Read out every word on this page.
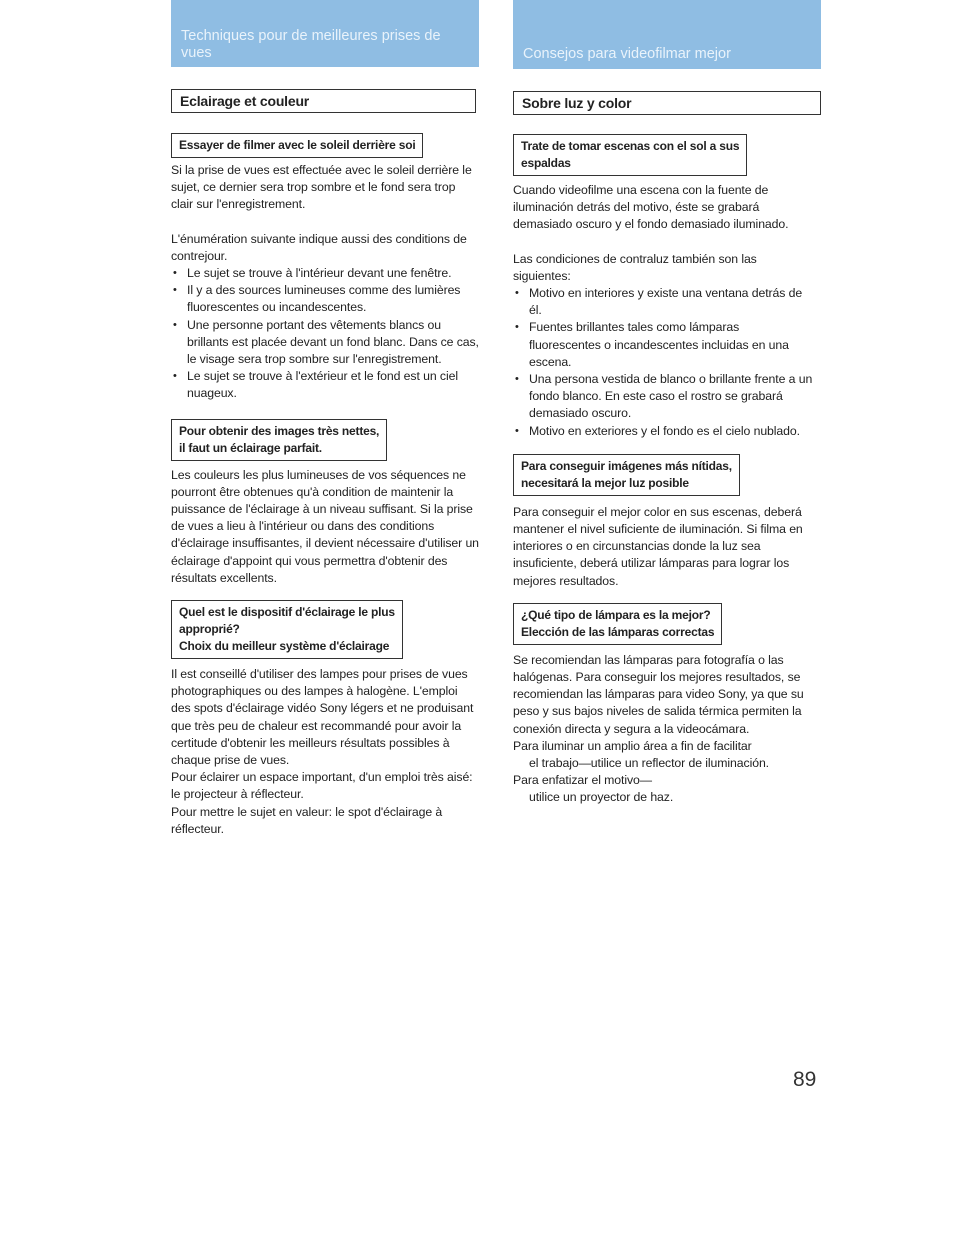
Techniques pour de meilleures prises de vues
Eclairage et couleur
Essayer de filmer avec le soleil derrière soi

Si la prise de vues est effectuée avec le soleil derrière le sujet, ce dernier sera trop sombre et le fond sera trop clair sur l'enregistrement.

L'énumération suivante indique aussi des conditions de contrejour.

• Le sujet se trouve à l'intérieur devant une fenêtre.
• Il y a des sources lumineuses comme des lumières fluorescentes ou incandescentes.
• Une personne portant des vêtements blancs ou brillants est placée devant un fond blanc. Dans ce cas, le visage sera trop sombre sur l'enregistrement.
• Le sujet se trouve à l'extérieur et le fond est un ciel nuageux.
Pour obtenir des images très nettes,
il faut un éclairage parfait.

Les couleurs les plus lumineuses de vos séquences ne pourront être obtenues qu'à condition de maintenir la puissance de l'éclairage à un niveau suffisant. Si la prise de vues a lieu à l'intérieur ou dans des conditions d'éclairage insuffisantes, il devient nécessaire d'utiliser un éclairage d'appoint qui vous permettra d'obtenir des résultats excellents.

Quel est le dispositif d'éclairage le plus
approprié?
Choix du meilleur système d'éclairage

Il est conseillé d'utiliser des lampes pour prises de vues photographiques ou des lampes à halogène. L'emploi des spots d'éclairage vidéo Sony légers et ne produisant que très peu de chaleur est recommandé pour avoir la certitude d'obtenir les meilleurs résultats possibles à chaque prise de vues.

Pour éclairer un espace important, d'un emploi très aisé: le projecteur à réflecteur.

Pour mettre le sujet en valeur: le spot d'éclairage à réflecteur.

Consejos para videofilmar mejor
Sobre luz y color
Trate de tomar escenas con el sol a sus
espaldas

Cuando videofilme una escena con la fuente de iluminación detrás del motivo, éste se grabará demasiado oscuro y el fondo demasiado iluminado.

Las condiciones de contraluz también son las siguientes:

• Motivo en interiores y existe una ventana detrás de él.
• Fuentes brillantes tales como lámparas fluorescentes o incandescentes incluidas en una escena.
• Una persona vestida de blanco o brillante frente a un fondo blanco. En este caso el rostro se grabará demasiado oscuro.
• Motivo en exteriores y el fondo es el cielo nublado.
Para conseguir imágenes más nítidas,
necesitará la mejor luz posible

Para conseguir el mejor color en sus escenas, deberá mantener el nivel suficiente de iluminación. Si filma en interiores o en circunstancias donde la luz sea insuficiente, deberá utilizar lámparas para lograr los mejores resultados.

¿Qué tipo de lámpara es la mejor?
Elección de las lámparas correctas

Se recomiendan las lámparas para fotografía o las halógenas. Para conseguir los mejores resultados, se recomiendan las lámparas para video Sony, ya que su peso y sus bajos niveles de salida térmica permiten la conexión directa y segura a la videocámara.

Para iluminar un amplio área a fin de facilitar

el trabajo—utilice un reflector de iluminación.

Para enfatizar el motivo—

utilice un proyector de haz.

89
